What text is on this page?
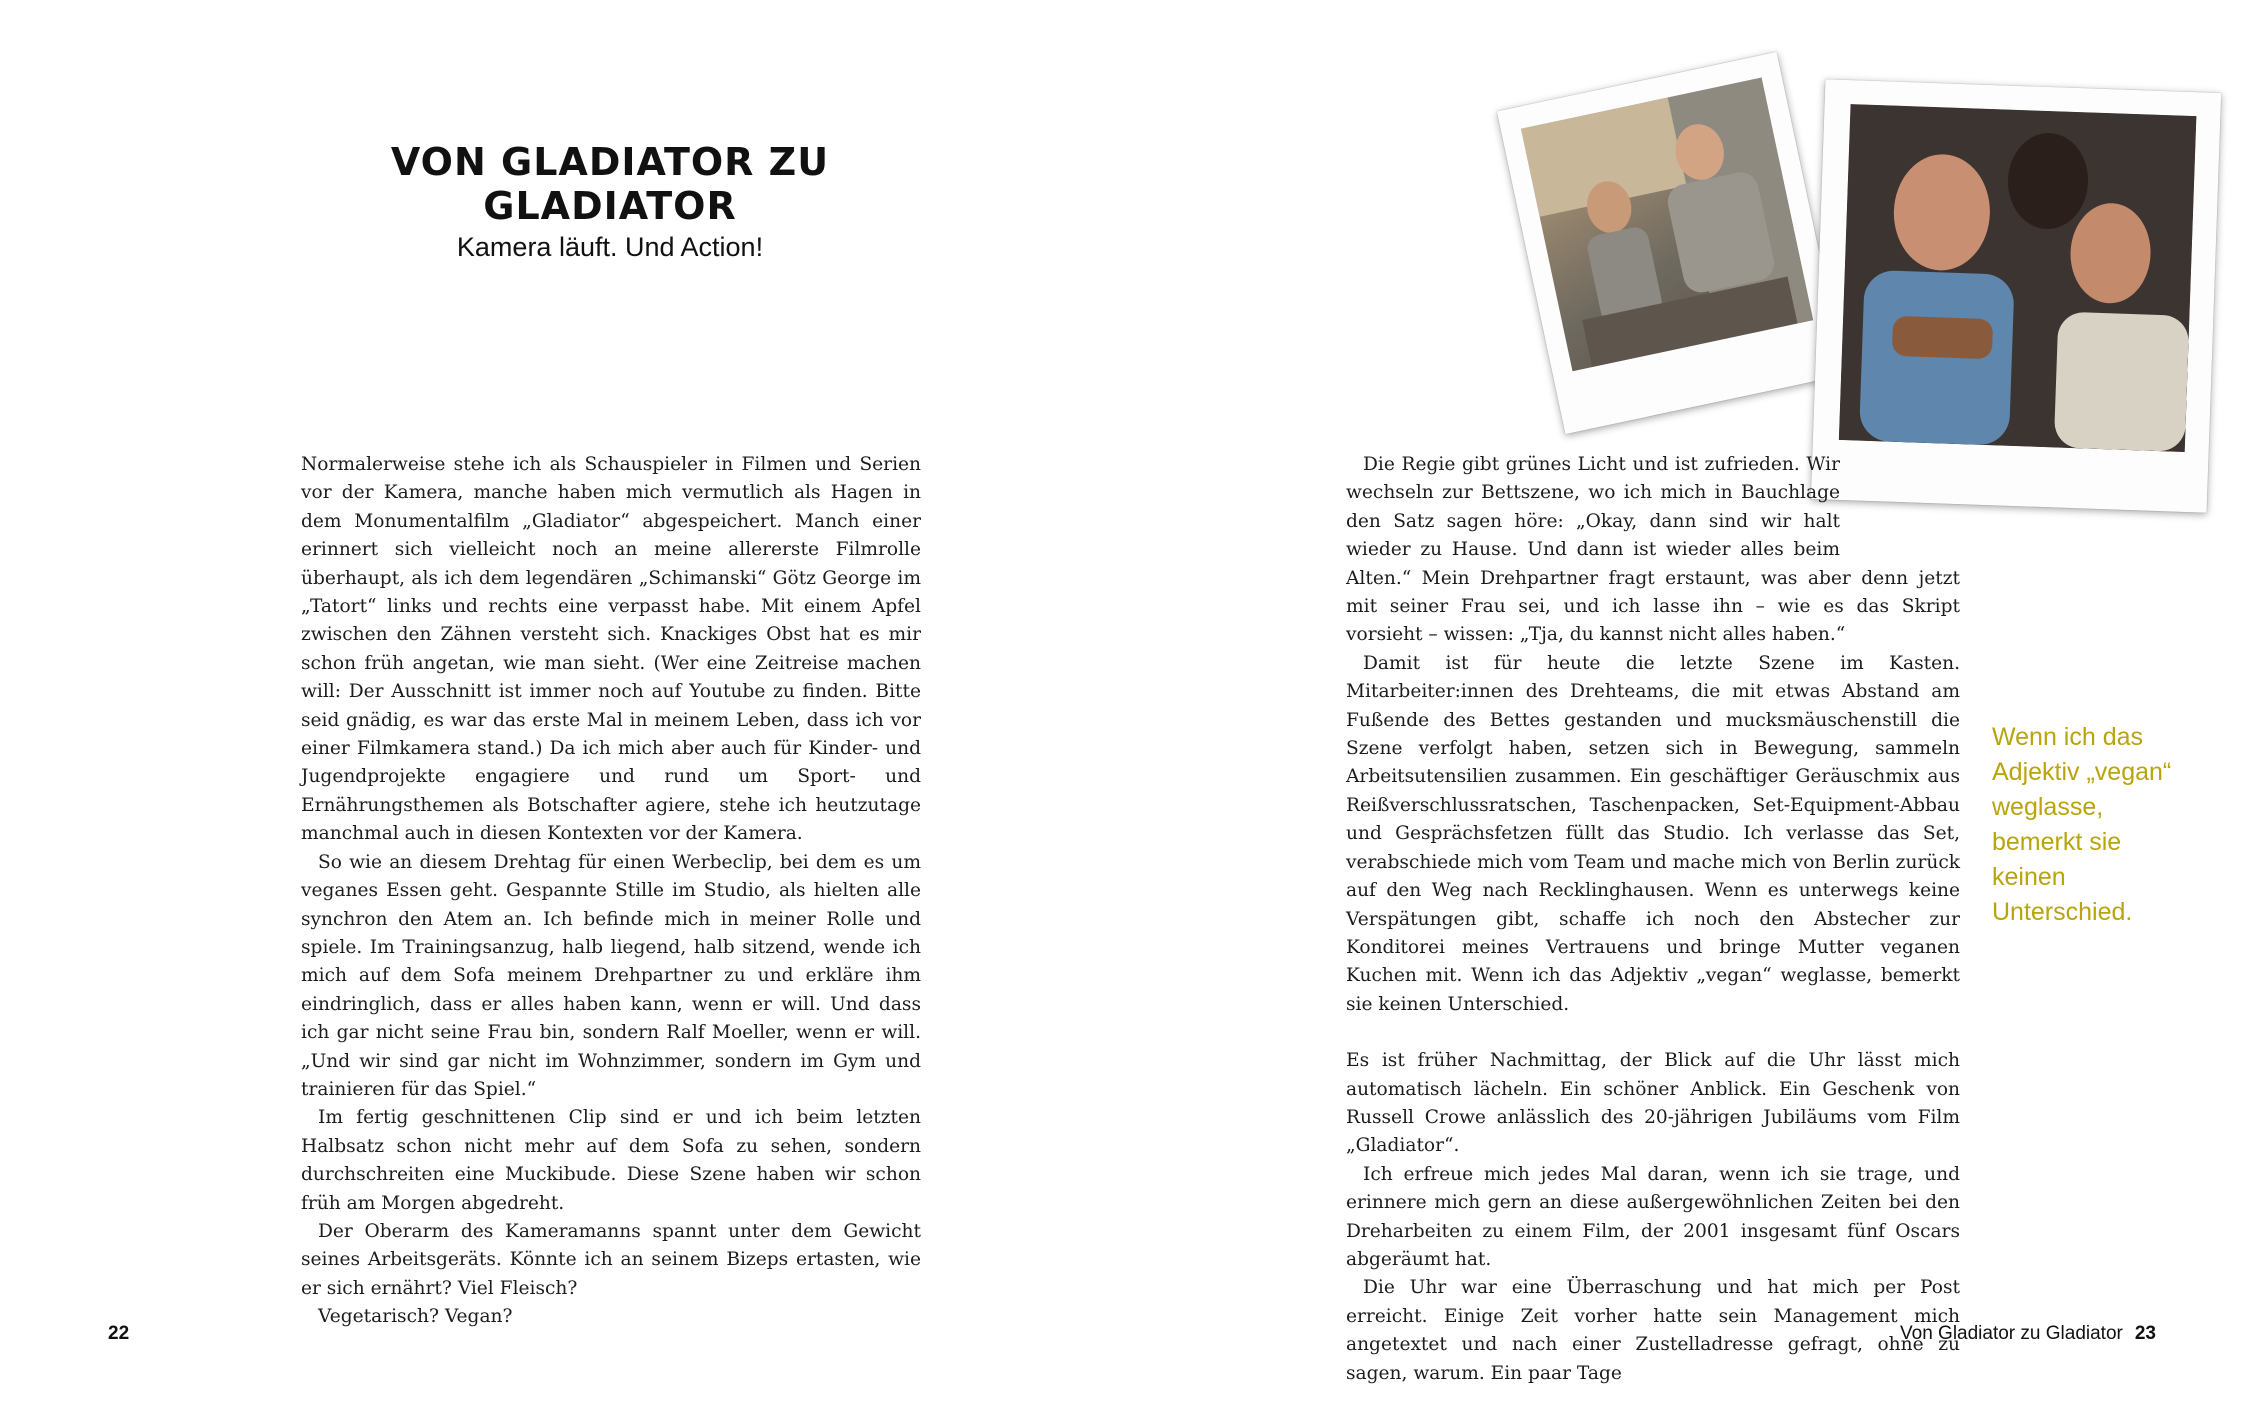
VON GLADIATOR ZU GLADIATOR
Kamera läuft. Und Action!

Normalerweise stehe ich als Schauspieler in Filmen und Serien vor der Kamera, manche haben mich vermutlich als Hagen in dem Monumentalfilm „Gladiator“ abgespeichert. Manch einer erinnert sich vielleicht noch an meine allererste Filmrolle überhaupt, als ich dem legendären „Schimanski“ Götz George im „Tatort“ links und rechts eine verpasst habe. Mit einem Apfel zwischen den Zähnen versteht sich. Knackiges Obst hat es mir schon früh angetan, wie man sieht. (Wer eine Zeitreise machen will: Der Ausschnitt ist immer noch auf Youtube zu finden. Bitte seid gnädig, es war das erste Mal in meinem Leben, dass ich vor einer Filmkamera stand.) Da ich mich aber auch für Kinder- und Jugendprojekte engagiere und rund um Sport- und Ernährungsthemen als Botschafter agiere, stehe ich heutzutage manchmal auch in diesen Kontexten vor der Kamera.

So wie an diesem Drehtag für einen Werbeclip, bei dem es um veganes Essen geht. Gespannte Stille im Studio, als hielten alle synchron den Atem an. Ich befinde mich in meiner Rolle und spiele. Im Trainingsanzug, halb liegend, halb sitzend, wende ich mich auf dem Sofa meinem Drehpartner zu und erkläre ihm eindringlich, dass er alles haben kann, wenn er will. Und dass ich gar nicht seine Frau bin, sondern Ralf Moeller, wenn er will. „Und wir sind gar nicht im Wohnzimmer, sondern im Gym und trainieren für das Spiel.“

Im fertig geschnittenen Clip sind er und ich beim letzten Halbsatz schon nicht mehr auf dem Sofa zu sehen, sondern durchschreiten eine Muckibude. Diese Szene haben wir schon früh am Morgen abgedreht.

Der Oberarm des Kameramanns spannt unter dem Gewicht seines Arbeitsgeräts. Könnte ich an seinem Bizeps ertasten, wie er sich ernährt? Viel Fleisch?

Vegetarisch? Vegan?

Die Regie gibt grünes Licht und ist zufrieden. Wir wechseln zur Bettszene, wo ich mich in Bauchlage den Satz sagen höre: „Okay, dann sind wir halt wieder zu Hause. Und dann ist wieder alles beim Alten.“ Mein Drehpartner fragt erstaunt, was aber denn jetzt mit seiner Frau sei, und ich lasse ihn – wie es das Skript vorsieht – wissen: „Tja, du kannst nicht alles haben.“

Damit ist für heute die letzte Szene im Kasten. Mitarbeiter:innen des Drehteams, die mit etwas Abstand am Fußende des Bettes gestanden und mucksmäuschenstill die Szene verfolgt haben, setzen sich in Bewegung, sammeln Arbeitsutensilien zusammen. Ein geschäftiger Geräuschmix aus Reißverschlussratschen, Taschenpacken, Set-Equipment-Abbau und Gesprächsfetzen füllt das Studio. Ich verlasse das Set, verabschiede mich vom Team und mache mich von Berlin zurück auf den Weg nach Recklinghausen. Wenn es unterwegs keine Verspätungen gibt, schaffe ich noch den Abstecher zur Konditorei meines Vertrauens und bringe Mutter veganen Kuchen mit. Wenn ich das Adjektiv „vegan“ weglasse, bemerkt sie keinen Unterschied.

Es ist früher Nachmittag, der Blick auf die Uhr lässt mich automatisch lächeln. Ein schöner Anblick. Ein Geschenk von Russell Crowe anlässlich des 20-jährigen Jubiläums vom Film „Gladiator“.

Ich erfreue mich jedes Mal daran, wenn ich sie trage, und erinnere mich gern an diese außergewöhnlichen Zeiten bei den Dreharbeiten zu einem Film, der 2001 insgesamt fünf Oscars abgeräumt hat.

Die Uhr war eine Überraschung und hat mich per Post erreicht. Einige Zeit vorher hatte sein Management mich angetextet und nach einer Zustelladresse gefragt, ohne zu sagen, warum. Ein paar Tage

Wenn ich das Adjektiv „vegan“ weglasse, bemerkt sie keinen Unterschied.
22	Von Gladiator zu Gladiator 23
